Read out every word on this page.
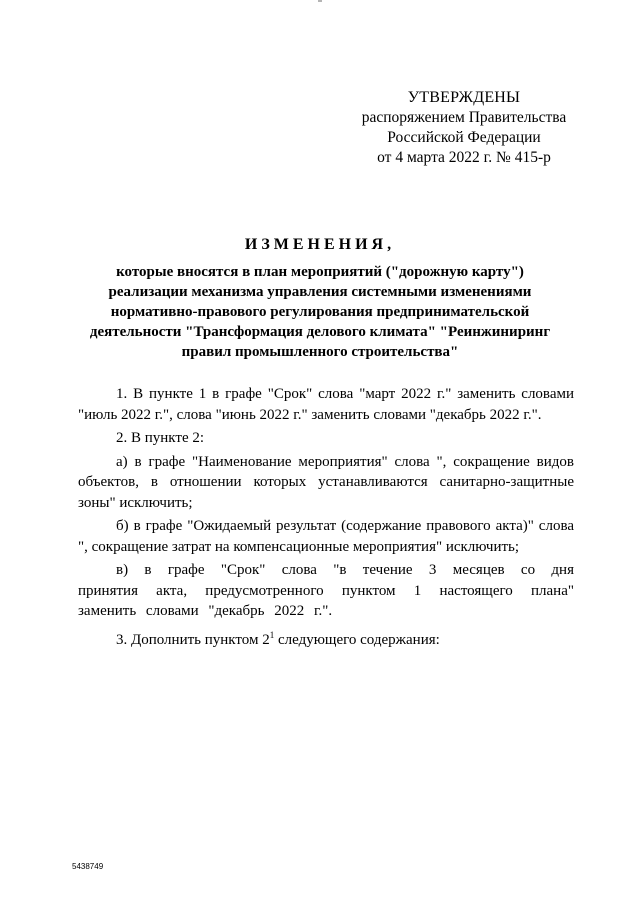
УТВЕРЖДЕНЫ
распоряжением Правительства
Российской Федерации
от 4 марта 2022 г. № 415-р
ИЗМЕНЕНИЯ,
которые вносятся в план мероприятий ("дорожную карту")
реализации механизма управления системными изменениями
нормативно-правового регулирования предпринимательской
деятельности "Трансформация делового климата" "Реинжиниринг
правил промышленного строительства"

1. В пункте 1 в графе "Срок" слова "март 2022 г." заменить словами "июль 2022 г.", слова "июнь 2022 г." заменить словами "декабрь 2022 г.".

2. В пункте 2:

а) в графе "Наименование мероприятия" слова ", сокращение видов объектов, в отношении которых устанавливаются санитарно-защитные зоны" исключить;

б) в графе "Ожидаемый результат (содержание правового акта)" слова ", сокращение затрат на компенсационные мероприятия" исключить;

в) в графе "Срок" слова "в течение 3 месяцев со дня принятия акта, предусмотренного пунктом 1 настоящего плана" заменить словами "декабрь 2022 г.".

3. Дополнить пунктом $2^1$ следующего содержания:

5438749
